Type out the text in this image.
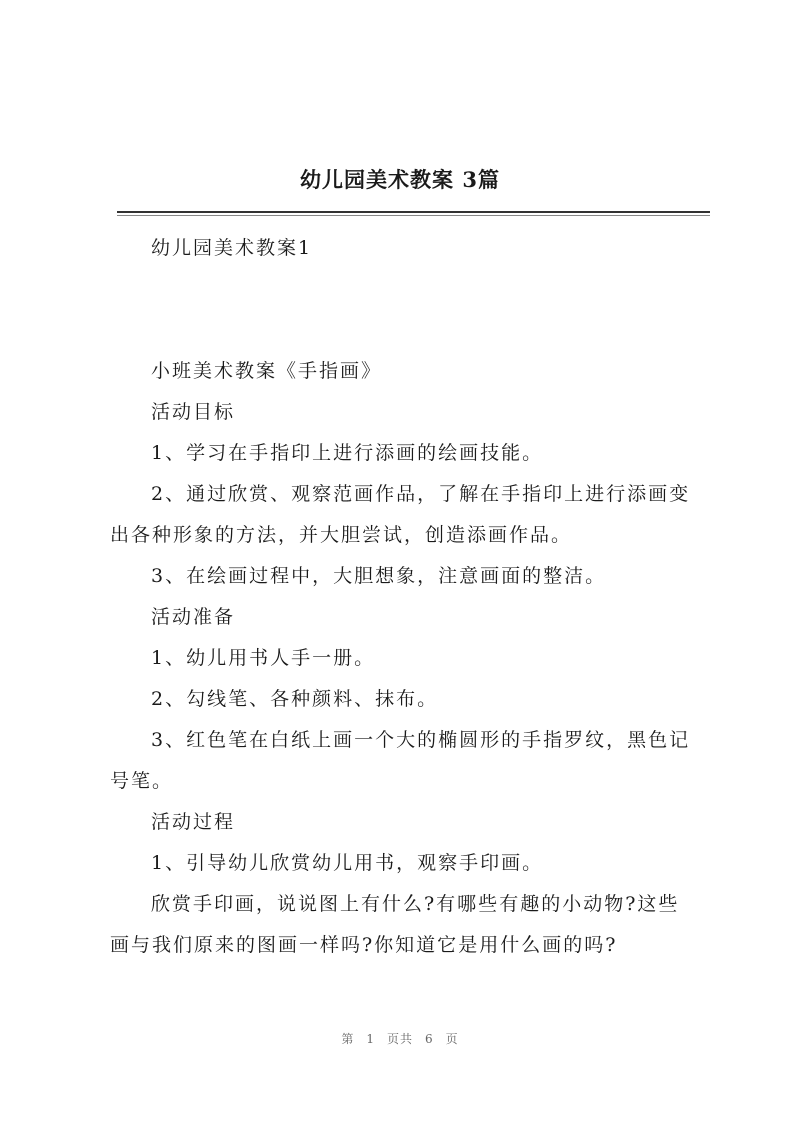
幼儿园美术教案 3篇

幼儿园美术教案1

小班美术教案《手指画》

活动目标

1、学习在手指印上进行添画的绘画技能。

2、通过欣赏、观察范画作品，了解在手指印上进行添画变出各种形象的方法，并大胆尝试，创造添画作品。

3、在绘画过程中，大胆想象，注意画面的整洁。

活动准备

1、幼儿用书人手一册。

2、勾线笔、各种颜料、抹布。

3、红色笔在白纸上画一个大的椭圆形的手指罗纹，黑色记号笔。

活动过程

1、引导幼儿欣赏幼儿用书，观察手印画。

欣赏手印画，说说图上有什么?有哪些有趣的小动物?这些画与我们原来的图画一样吗?你知道它是用什么画的吗?

第 1 页共 6 页
